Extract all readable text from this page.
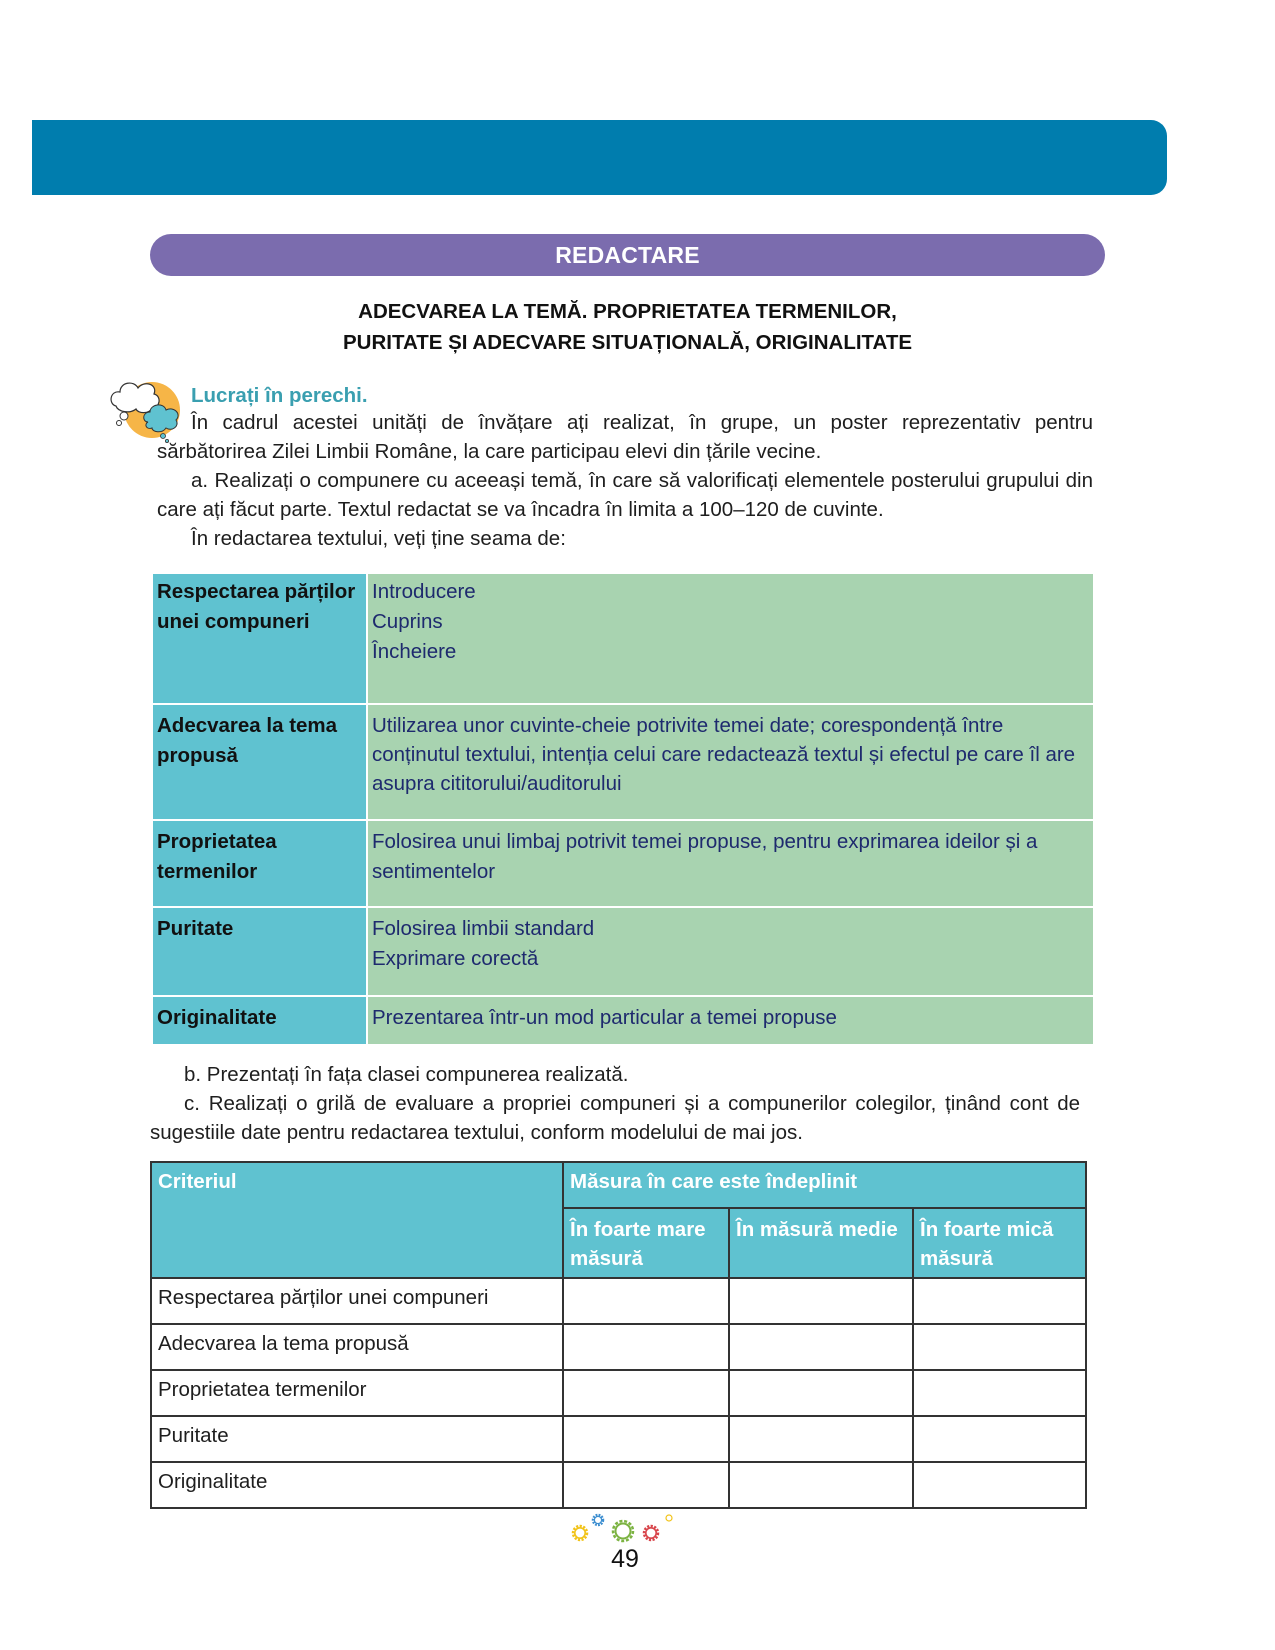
REDACTARE
ADECVAREA LA TEMĂ. PROPRIETATEA TERMENILOR,
PURITATE ȘI ADECVARE SITUAȚIONALĂ, ORIGINALITATE
Lucrați în perechi.
În cadrul acestei unități de învățare ați realizat, în grupe, un poster reprezentativ pentru sărbătorirea Zilei Limbii Române, la care participau elevi din țările vecine.
a. Realizați o compunere cu aceeași temă, în care să valorificați elementele posterului grupului din care ați făcut parte. Textul redactat se va încadra în limita a 100–120 de cuvinte.
În redactarea textului, veți ține seama de:
Respectarea părților unei compuneri	Introducere
Cuprins
Încheiere

Adecvarea la tema propusă	Utilizarea unor cuvinte-cheie potrivite temei date; corespondență între conținutul textului, intenția celui care redactează textul și efectul pe care îl are asupra cititorului/auditorului

Proprietatea termenilor	Folosirea unui limbaj potrivit temei propuse, pentru exprimarea ideilor și a sentimentelor

Puritate	Folosirea limbii standard
Exprimare corectă

Originalitate	Prezentarea într-un mod particular a temei propuse
b. Prezentați în fața clasei compunerea realizată.
c. Realizați o grilă de evaluare a propriei compuneri și a compunerilor colegilor, ținând cont de sugestiile date pentru redactarea textului, conform modelului de mai jos.
Criteriul	Măsura în care este îndeplinit		
	În foarte mare măsură	În măsură medie	În foarte mică măsură
Respectarea părților unei compuneri			
Adecvarea la tema propusă			
Proprietatea termenilor			
Puritate			
Originalitate			
49
